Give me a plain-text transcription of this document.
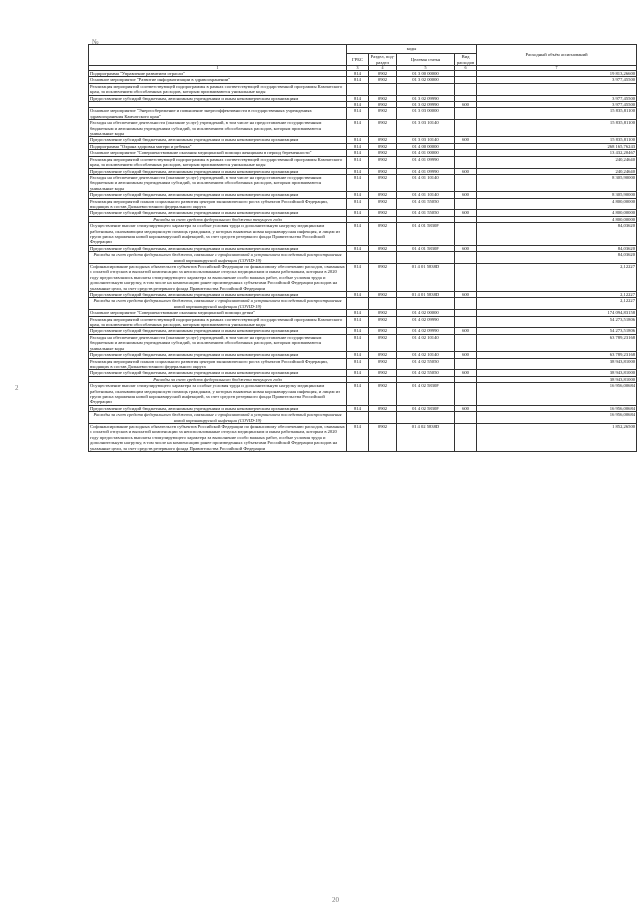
№
2
20
	коды				Расходный объём ассигнований
	ГРБС	Раздел, под-раздел	Целевая статья	Вид расходов	
1	3	4	5	6	7
Подпрограмма "Управление развитием отрасли"	814	0902	01 3 00 00000		19 813,26600
Основное мероприятие "Развитие информатизации в здравоохранении"	814	0902	01 3 02 00000		3 977,45500
Реализация мероприятий соответствующей подпрограммы в рамках соответствующей государственной программы Камчатского края, за исключением обособленных расходов, которым присваиваются уникальные коды					
Предоставление субсидий бюджетным, автономным учреждениям и иным некоммерческим организациям	814	0902	01 3 02 09990		3 977,45500
	814	0902	01 3 02 09990	600	3 977,45500
Основное мероприятие "Энергосбережение и повышение энергоэффективности в государственных учреждениях здравоохранения Камчатского края"	814	0902	01 3 03 00000		15 835,81100
Расходы на обеспечение деятельности (оказание услуг) учреждений, в том числе на предоставление государственным бюджетным и автономным учреждениям субсидий, за исключением обособленных расходов, которым присваиваются уникальные коды	814	0902	01 3 03 10140		15 835,81100
Предоставление субсидий бюджетным, автономным учреждениям и иным некоммерческим организациям	814	0902	01 3 03 10140	600	15 835,81100
Подпрограмма "Охрана здоровья матери и ребенка"	814	0902	01 4 00 00000		268 165,76243
Основное мероприятие "Совершенствование оказания медицинской помощи женщинам в период беременности"	814	0902	01 4 01 00000		13 432,20467
Реализация мероприятий соответствующей подпрограммы в рамках соответствующей государственной программы Камчатского края, за исключением обособленных расходов, которым присваиваются уникальные коды	814	0902	01 4 01 09990		240,24640
Предоставление субсидий бюджетным, автономным учреждениям и иным некоммерческим организациям	814	0902	01 4 01 09990	600	240,24640
Расходы на обеспечение деятельности (оказание услуг) учреждений, в том числе на предоставление государственным бюджетным и автономным учреждениям субсидий, за исключением обособленных расходов, которым присваиваются уникальные коды	814	0902	01 4 01 10140		8 305,90000
Предоставление субсидий бюджетным, автономным учреждениям и иным некоммерческим организациям	814	0902	01 4 01 10140	600	8 305,90000
Реализация мероприятий планов социального развития центров экономического роста субъектов Российской Федерации, входящих в состав Дальневосточного федерального округа	814	0902	01 4 01 55050		4 800,00000
Предоставление субсидий бюджетным, автономным учреждениям и иным некоммерческим организациям	814	0902	01 4 01 55050	600	4 800,00000
Расходы за счет средств федерального бюджета текущего года					4 800,00000
Осуществление выплат стимулирующего характера за особые условия труда и дополнительную нагрузку медицинским работникам, оказывающим медицинскую помощь гражданам, у которых выявлена новая коронавирусная инфекция, и лицам из групп риска заражения новой коронавирусной инфекцией, за счет средств резервного фонда Правительства Российской Федерации	814	0902	01 4 01 5830F		84,03620
Предоставление субсидий бюджетным, автономным учреждениям и иным некоммерческим организациям	814	0902	01 4 01 5830F	600	84,03620
Расходы за счет средств федерального бюджета, связанные с профилактикой и устранением последствий распространения новой коронавирусной инфекции (COVID-19)					84,03620
Софинансирование расходных обязательств субъектов Российской Федерации по финансовому обеспечению расходов, связанных с оплатой отпусков и выплатой компенсации за неиспользованные отпуска медицинским и иным работникам, которым в 2020 году предоставлялись выплаты стимулирующего характера за выполнение особо важных работ, особые условия труда и дополнительную нагрузку, в том числе на компенсацию ранее произведенных субъектами Российской Федерации расходов на указанные цели, за счет средств резервного фонда Правительства Российской Федерации	814	0902	01 4 01 5838D		2,12227
Предоставление субсидий бюджетным, автономным учреждениям и иным некоммерческим организациям	814	0902	01 4 01 5838D	600	2,12227
Расходы за счет средств федерального бюджета, связанные с профилактикой и устранением последствий распространения новой коронавирусной инфекции (COVID-19)					2,12227
Основное мероприятие "Совершенствование оказания медицинской помощи детям"	814	0902	01 4 02 00000		174 094,83158
Реализация мероприятий соответствующей подпрограммы в рамках соответствующей государственной программы Камчатского края, за исключением обособленных расходов, которым присваиваются уникальные коды	814	0902	01 4 02 09990		54 273,51806
Предоставление субсидий бюджетным, автономным учреждениям и иным некоммерческим организациям	814	0902	01 4 02 09990	600	54 273,51806
Расходы на обеспечение деятельности (оказание услуг) учреждений, в том числе на предоставление государственным бюджетным и автономным учреждениям субсидий, за исключением обособленных расходов, которым присваиваются уникальные коды	814	0902	01 4 02 10140		63 789,23168
Предоставление субсидий бюджетным, автономным учреждениям и иным некоммерческим организациям	814	0902	01 4 02 10140	600	63 789,23168
Реализация мероприятий планов социального развития центров экономического роста субъектов Российской Федерации, входящих в состав Дальневосточного федерального округа	814	0902	01 4 02 55050		38 943,81000
Предоставление субсидий бюджетным, автономным учреждениям и иным некоммерческим организациям	814	0902	01 4 02 55050	600	38 943,81000
Расходы за счет средств федерального бюджета текущего года					38 943,81000
Осуществление выплат стимулирующего характера за особые условия труда и дополнительную нагрузку медицинским работникам, оказывающим медицинскую помощь гражданам, у которых выявлена новая коронавирусная инфекция, и лицам из групп риска заражения новой коронавирусной инфекцией, за счет средств резервного фонда Правительства Российской Федерации	814	0902	01 4 02 5830F		16 956,00684
Предоставление субсидий бюджетным, автономным учреждениям и иным некоммерческим организациям	814	0902	01 4 02 5830F	600	16 956,00684
Расходы за счет средств федерального бюджета, связанные с профилактикой и устранением последствий распространения новой коронавирусной инфекции (COVID-19)					16 956,00684
Софинансирование расходных обязательств субъектов Российской Федерации по финансовому обеспечению расходов, связанных с оплатой отпусков и выплатой компенсации за неиспользованные отпуска медицинским и иным работникам, которым в 2020 году предоставлялись выплаты стимулирующего характера за выполнение особо важных работ, особые условия труда и дополнительную нагрузку, в том числе на компенсацию ранее произведенных субъектами Российской Федерации расходов на указанные цели, за счет средств резервного фонда Правительства Российской Федерации	814	0902	01 4 02 5838D		1 852,26500
